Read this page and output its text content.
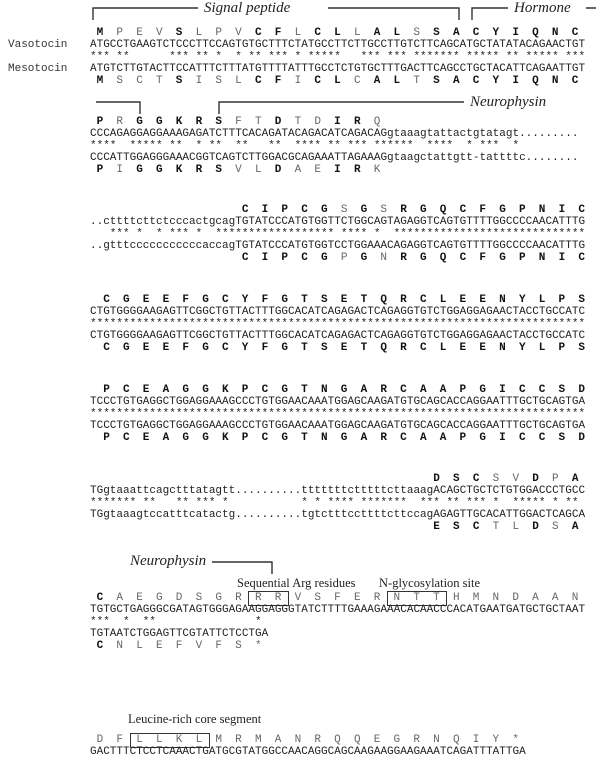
Vasotocin
Mesotocin
Signal peptide	Hormone
Neurophysin
Neurophysin
Sequential Arg residues N-glycosylation site
Leucine-rich core segment
M P E V S L P V C F L C L L A L S S A C Y I Q N C
ATGCCTGAAGTCTCCCTTCCAGTGTGCTTTCTATGCCTTCTTGCCTTGTCTTCAGCATGCTATATACAGAACTGT
*** **      *** ** *  * ** *** * *****   *** *** ******* ***** ** ***** ***
ATGTCTTGTACTTCCATTTCTTTATGTTTTATTTGCCTCTGTGCTTTGACTTCAGCCTGCTACATTCAGAATTGT
M S C T S I S L C F I C L C A L T S A C Y I Q N C
P R G G K R S F T D T D I R Q
CCCAGAGGAGGAAAGAGATCTTTCACAGATACAGACATCAGACAGgtaaagtattactgtatagt.........
****  ***** **  * **  **   **  **** ** *** ******  ****  * ***  *
CCCATTGGAGGGAAACGGTCAGTCTTGGACGCAGAAATTAGAAAGgtaagctattgtt-tattttc........
P I G G K R S V L D A E I R K
C I P C G S G S R G Q C F G P N I C
..cttttcttctcccactgcagTGTATCCCATGTGGTTCTGGCAGTAGAGGTCAGTGTTTTGGCCCCAACATTTG
*** *  * *** *  ****************** **** *  *****************************
..gtttcccccccccccaccagTGTATCCCATGTGGTCCTGGAAACAGAGGTCAGTGTTTTGGCCCCAACATTTG
C I P C G P G N R G Q C F G P N I C
C G E E F G C Y F G T S E T Q R C L E E N Y L P S
CTGTGGGGAAGAGTTCGGCTGTTACTTTGGCACATCAGAGACTCAGAGGTGTCTGGAGGAGAACTACCTGCCATC
***************************************************************************
CTGTGGGGAAGAGTTCGGCTGTTACTTTGGCACATCAGAGACTCAGAGGTGTCTGGAGGAGAACTACCTGCCATC
C G E E F G C Y F G T S E T Q R C L E E N Y L P S
P C E A G G K P C G T N G A R C A A P G I C C S D
TCCCTGTGAGGCTGGAGGAAAGCCCTGTGGAACAAATGGAGCAAGATGTGCAGCACCAGGAATTTGCTGCAGTGA
***************************************************************************
TCCCTGTGAGGCTGGAGGAAAGCCCTGTGGAACAAATGGAGCAAGATGTGCAGCACCAGGAATTTGCTGCAGTGA
P C E A G G K P C G T N G A R C A A P G I C C S D
D S C S V D P A
TGgtaaattcagctttatagtt..........tttttttctttttcttaaagACAGCTGCTCTGTGGACCCTGCC
******* **   ** *** *           * * **** *******  *** ** *** *  ***** * **
TGgtaaagtccatttcatactg..........tgtctttccttttcttccagAGAGTTGCACATTGGACTCAGCA
E S C T L D S A
C A E G D S G R R R V S F E R N T T H M N D A A N
TGTGCTGAGGGCGATAGTGGGAGAAGGAGGGTATCTTTTGAAAGAAACACAACCCACATGAATGATGCTGCTAAT
***  *  **               *
TGTAATCTGGAGTTCGTATTCTCCTGA
C N L E F V F S *
D F L L K L M R M A N R Q Q E G R N Q I Y *
GACTTTCTCCTCAAACTGATGCGTATGGCCAACAGGCAGCAAGAAGGAAGAAATCAGATTTATTGA
